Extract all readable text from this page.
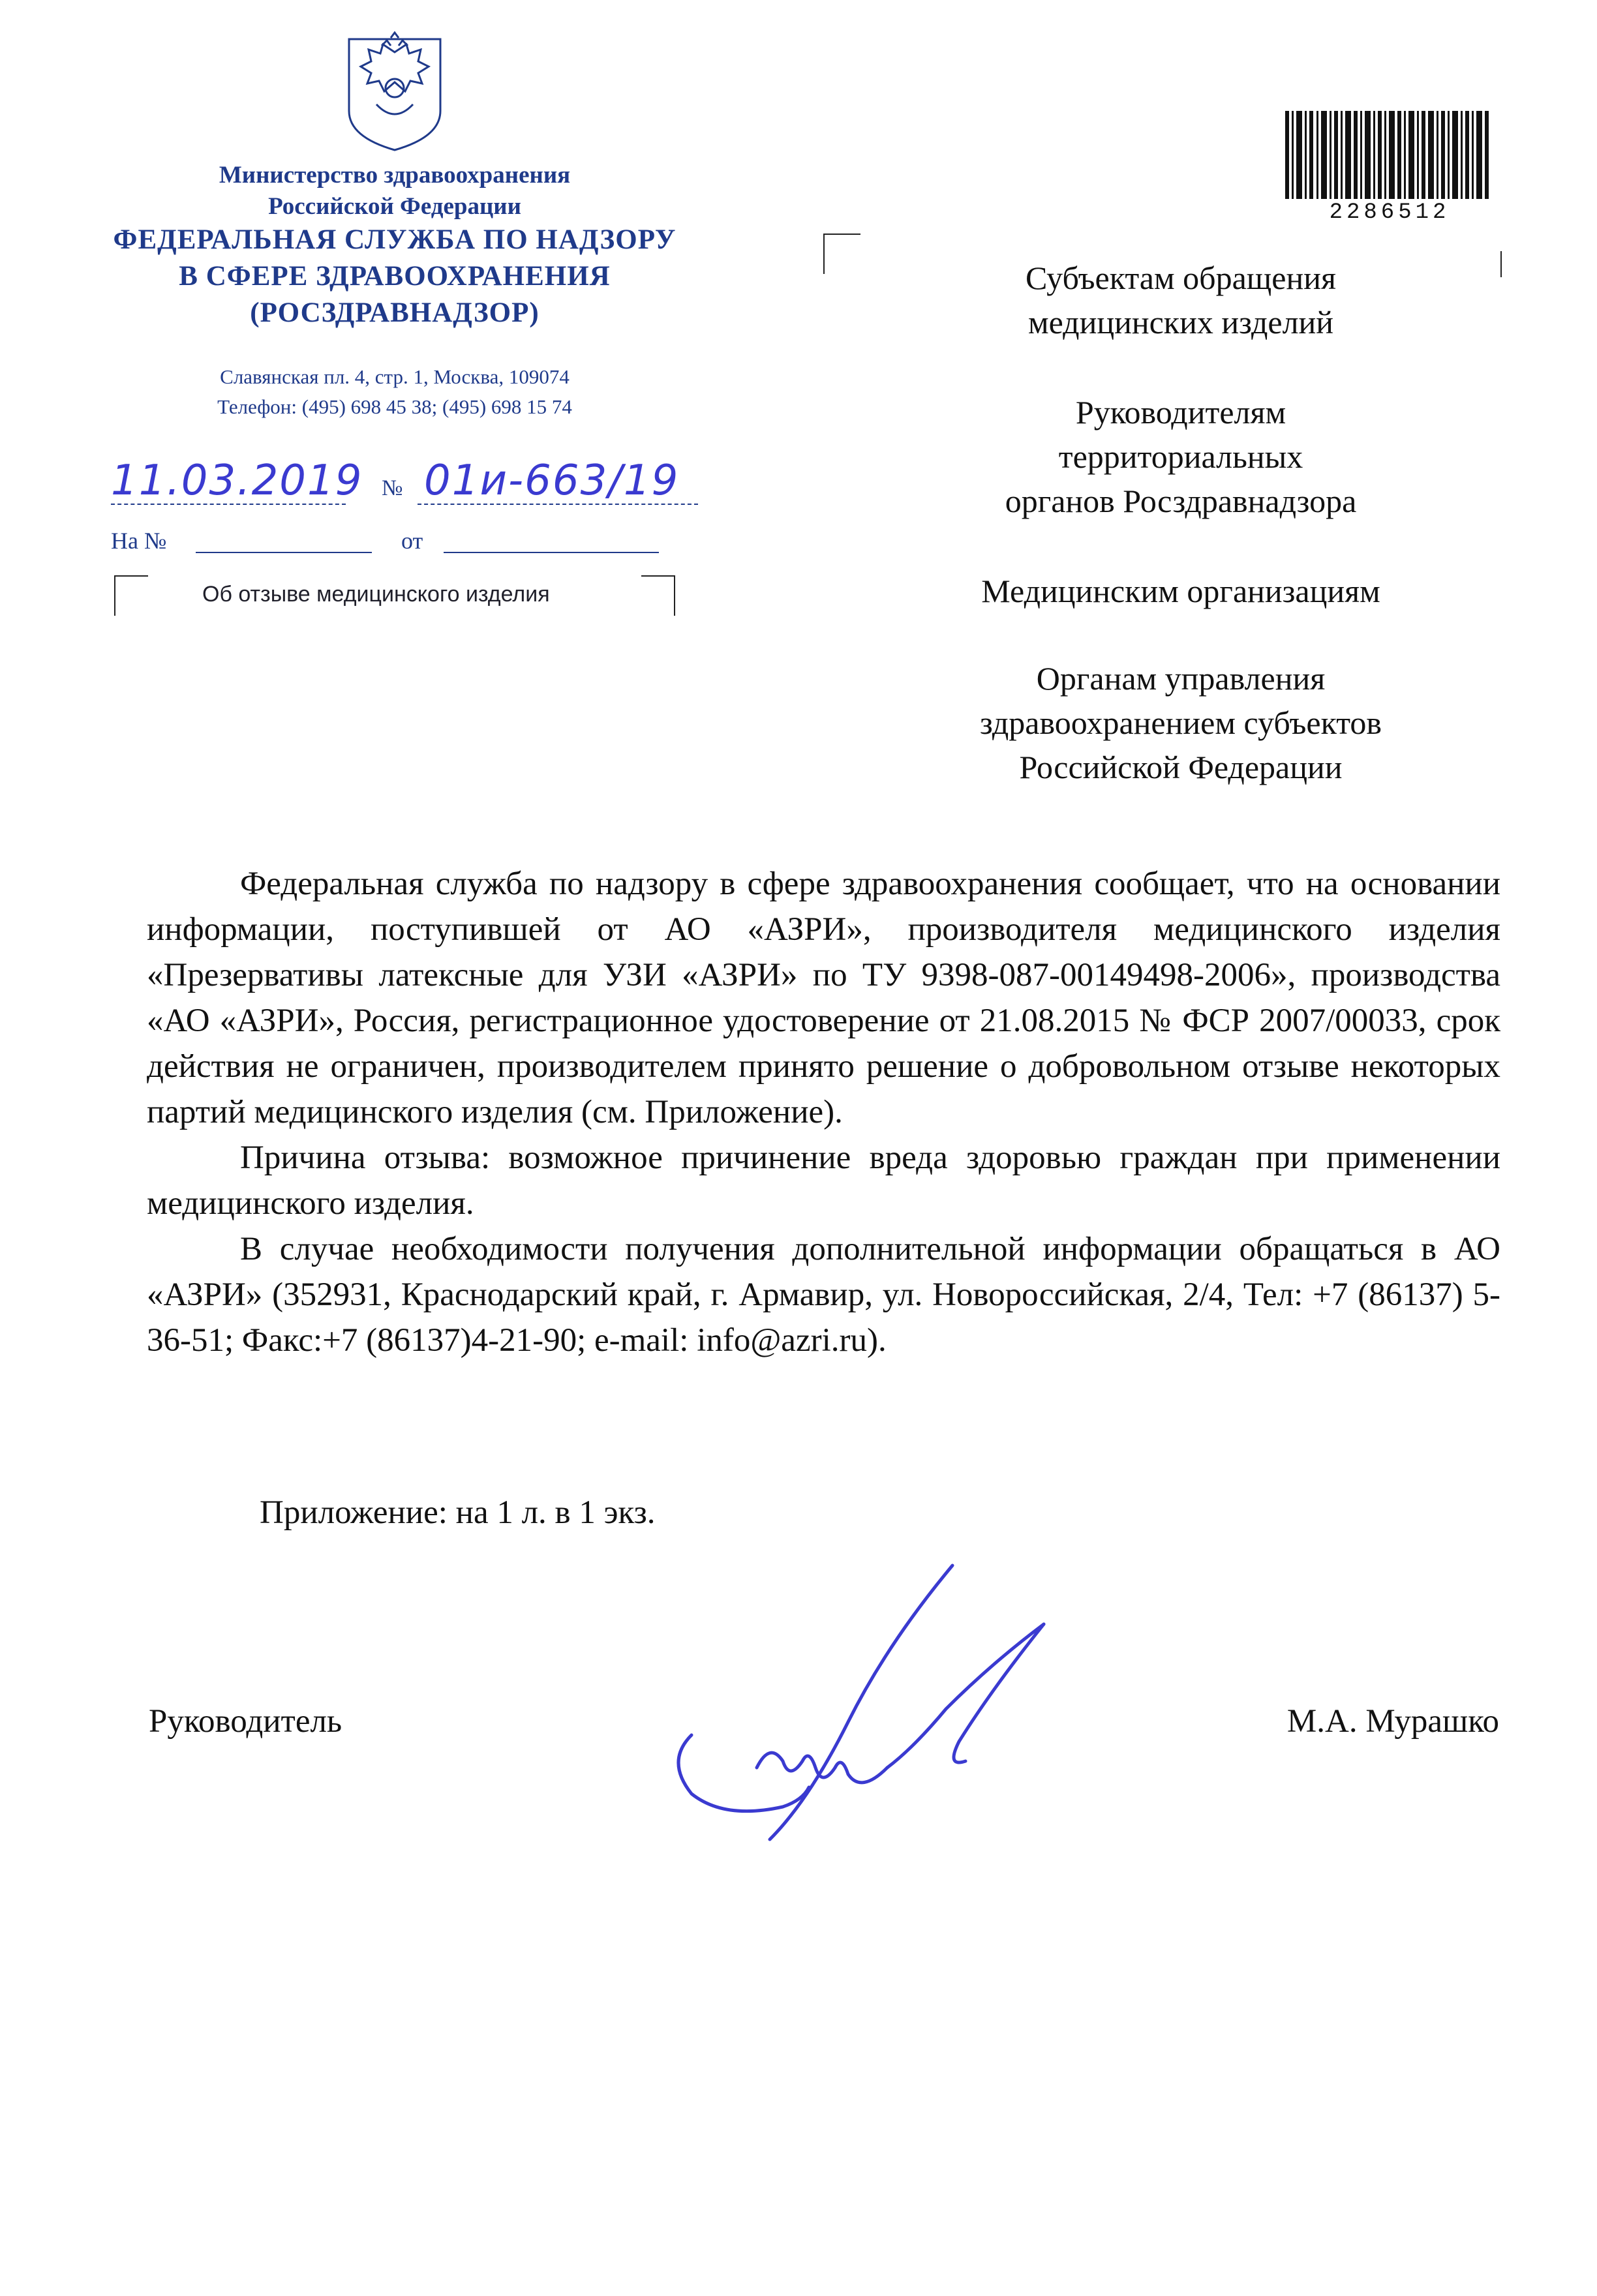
Министерство здравоохранения
Российской Федерации
ФЕДЕРАЛЬНАЯ СЛУЖБА ПО НАДЗОРУ
В СФЕРЕ ЗДРАВООХРАНЕНИЯ
(РОСЗДРАВНАДЗОР)
Славянская пл. 4, стр. 1, Москва, 109074
Телефон: (495) 698 45 38; (495) 698 15 74
11.03.2019 № 01и-663/19
На №	от
Об отзыве медицинского изделия
2286512
Субъектам обращения
медицинских изделий
Руководителям
территориальных
органов Росздравнадзора
Медицинским организациям
Органам управления
здравоохранением субъектов
Российской Федерации

Федеральная служба по надзору в сфере здравоохранения сообщает, что на основании информации, поступившей от АО «АЗРИ», производителя медицинского изделия «Презервативы латексные для УЗИ «АЗРИ» по ТУ 9398-087-00149498-2006», производства «АО «АЗРИ», Россия, регистрационное удостоверение от 21.08.2015 № ФСР 2007/00033, срок действия не ограничен, производителем принято решение о добровольном отзыве некоторых партий медицинского изделия (см. Приложение).

Причина отзыва: возможное причинение вреда здоровью граждан при применении медицинского изделия.

В случае необходимости получения дополнительной информации обращаться в АО «АЗРИ» (352931, Краснодарский край, г. Армавир, ул. Новороссийская, 2/4, Тел: +7 (86137) 5-36-51; Факс:+7 (86137)4-21-90; e-mail: info@azri.ru).

Приложение: на 1 л. в 1 экз.
Руководитель	М.А. Мурашко
